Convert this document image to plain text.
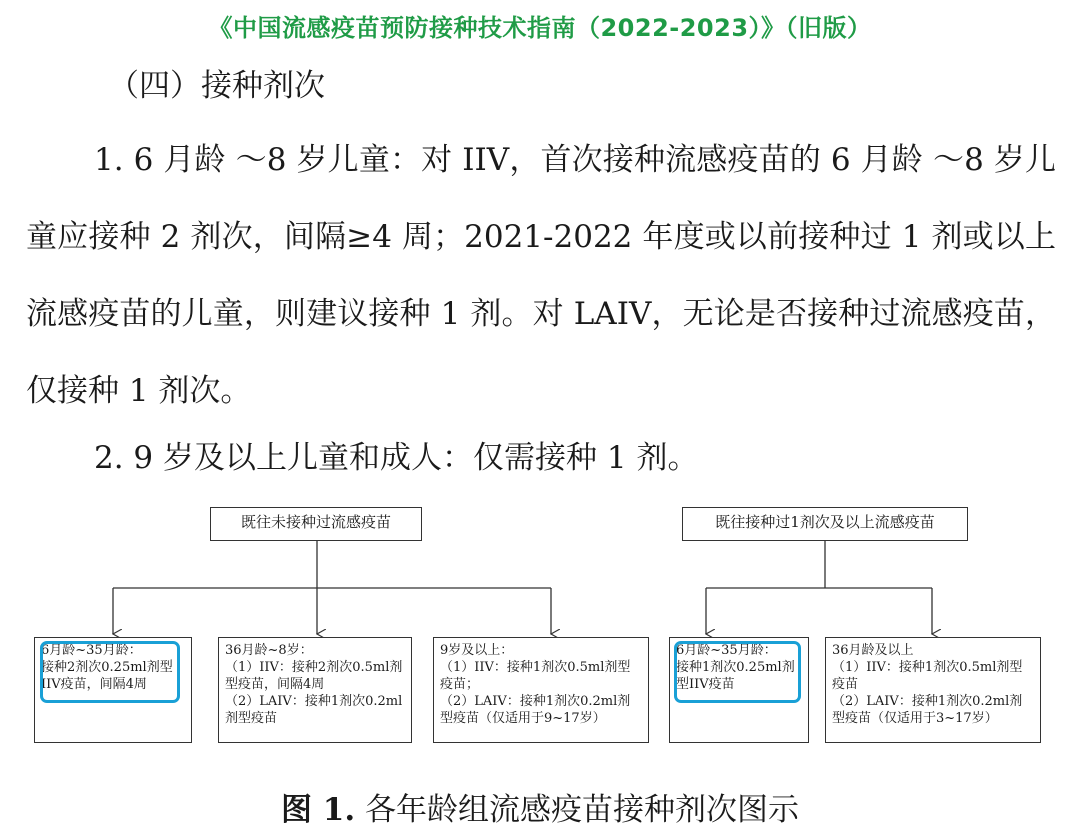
《中国流感疫苗预防接种技术指南（2022-2023）》（旧版）
（四）接种剂次
1. 6 月龄 ～8 岁儿童：对 IIV，首次接种流感疫苗的 6 月龄 ～8 岁儿童应接种 2 剂次，间隔≥4 周；2021-2022 年度或以前接种过 1 剂或以上流感疫苗的儿童，则建议接种 1 剂。对 LAIV，无论是否接种过流感疫苗，仅接种 1 剂次。
2. 9 岁及以上儿童和成人：仅需接种 1 剂。
既往未接种过流感疫苗	既往接种过1剂次及以上流感疫苗
6月龄~35月龄：
接种2剂次0.25ml剂型IIV疫苗，间隔4周
36月龄~8岁：
（1）IIV：接种2剂次0.5ml剂型疫苗，间隔4周
（2）LAIV：接种1剂次0.2ml剂型疫苗
9岁及以上：
（1）IIV：接种1剂次0.5ml剂型疫苗；
（2）LAIV：接种1剂次0.2ml剂型疫苗（仅适用于9~17岁）
6月龄~35月龄：
接种1剂次0.25ml剂型IIV疫苗
36月龄及以上
（1）IIV：接种1剂次0.5ml剂型疫苗
（2）LAIV：接种1剂次0.2ml剂型疫苗（仅适用于3~17岁）
图 1. 各年龄组流感疫苗接种剂次图示
